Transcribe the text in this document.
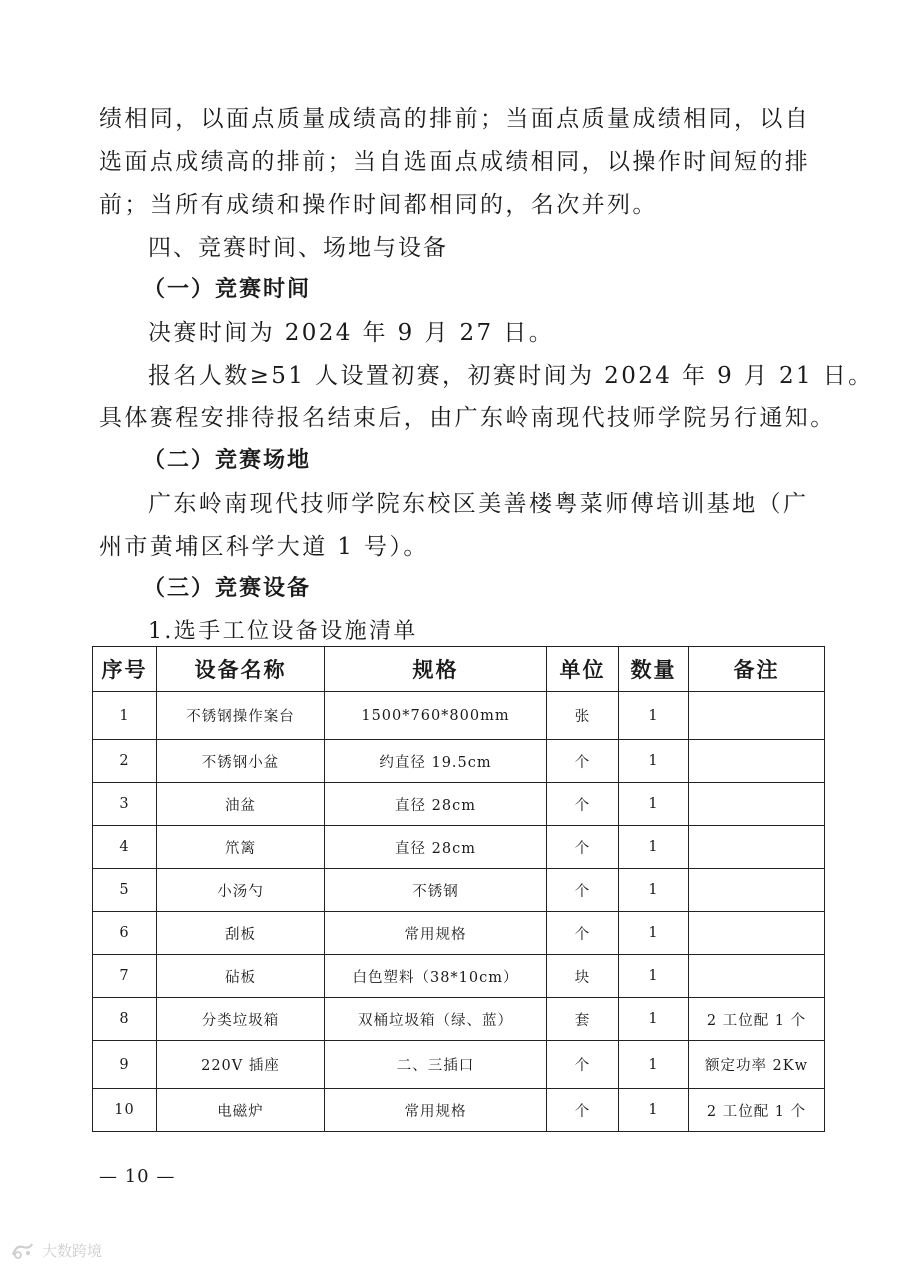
绩相同，以面点质量成绩高的排前；当面点质量成绩相同，以自
选面点成绩高的排前；当自选面点成绩相同，以操作时间短的排
前；当所有成绩和操作时间都相同的，名次并列。
四、竞赛时间、场地与设备
（一）竞赛时间
决赛时间为 2024 年 9 月 27 日。
报名人数≥51 人设置初赛，初赛时间为 2024 年 9 月 21 日。
具体赛程安排待报名结束后，由广东岭南现代技师学院另行通知。
（二）竞赛场地
广东岭南现代技师学院东校区美善楼粤菜师傅培训基地（广
州市黄埔区科学大道 1 号）。
（三）竞赛设备
1.选手工位设备设施清单
序号	设备名称	规格	单位	数量	备注
1	不锈钢操作案台	1500*760*800mm	张	1	
2	不锈钢小盆	约直径 19.5cm	个	1	
3	油盆	直径 28cm	个	1	
4	笊篱	直径 28cm	个	1	
5	小汤勺	不锈钢	个	1	
6	刮板	常用规格	个	1	
7	砧板	白色塑料（38*10cm）	块	1	
8	分类垃圾箱	双桶垃圾箱（绿、蓝）	套	1	2 工位配 1 个
9	220V 插座	二、三插口	个	1	额定功率 2Kw
10	电磁炉	常用规格	个	1	2 工位配 1 个
— 10 —
大数跨境
